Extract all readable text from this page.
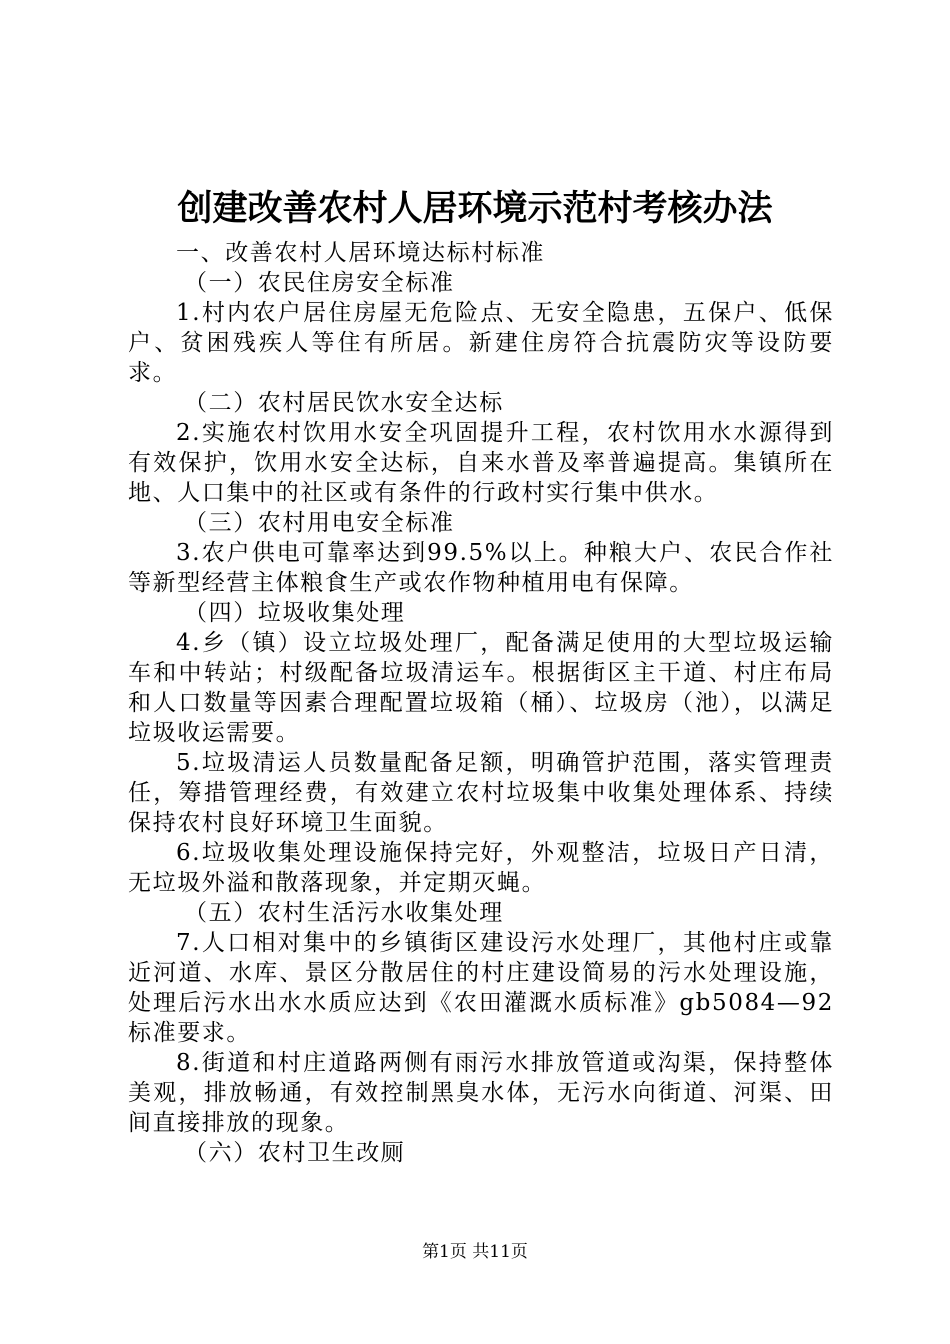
创建改善农村人居环境示范村考核办法

一、改善农村人居环境达标村标准

（一）农民住房安全标准

1.村内农户居住房屋无危险点、无安全隐患，五保户、低保户、贫困残疾人等住有所居。新建住房符合抗震防灾等设防要求。

（二）农村居民饮水安全达标

2.实施农村饮用水安全巩固提升工程，农村饮用水水源得到有效保护，饮用水安全达标，自来水普及率普遍提高。集镇所在地、人口集中的社区或有条件的行政村实行集中供水。

（三）农村用电安全标准

3.农户供电可靠率达到99.5%以上。种粮大户、农民合作社等新型经营主体粮食生产或农作物种植用电有保障。

（四）垃圾收集处理

4.乡（镇）设立垃圾处理厂，配备满足使用的大型垃圾运输车和中转站；村级配备垃圾清运车。根据街区主干道、村庄布局和人口数量等因素合理配置垃圾箱（桶）、垃圾房（池），以满足垃圾收运需要。

5.垃圾清运人员数量配备足额，明确管护范围，落实管理责任，筹措管理经费，有效建立农村垃圾集中收集处理体系、持续保持农村良好环境卫生面貌。

6.垃圾收集处理设施保持完好，外观整洁，垃圾日产日清，无垃圾外溢和散落现象，并定期灭蝇。

（五）农村生活污水收集处理

7.人口相对集中的乡镇街区建设污水处理厂，其他村庄或靠近河道、水库、景区分散居住的村庄建设简易的污水处理设施，处理后污水出水水质应达到《农田灌溉水质标准》gb5084—92标准要求。

8.街道和村庄道路两侧有雨污水排放管道或沟渠，保持整体美观，排放畅通，有效控制黑臭水体，无污水向街道、河渠、田间直接排放的现象。

（六）农村卫生改厕

第1页 共11页
